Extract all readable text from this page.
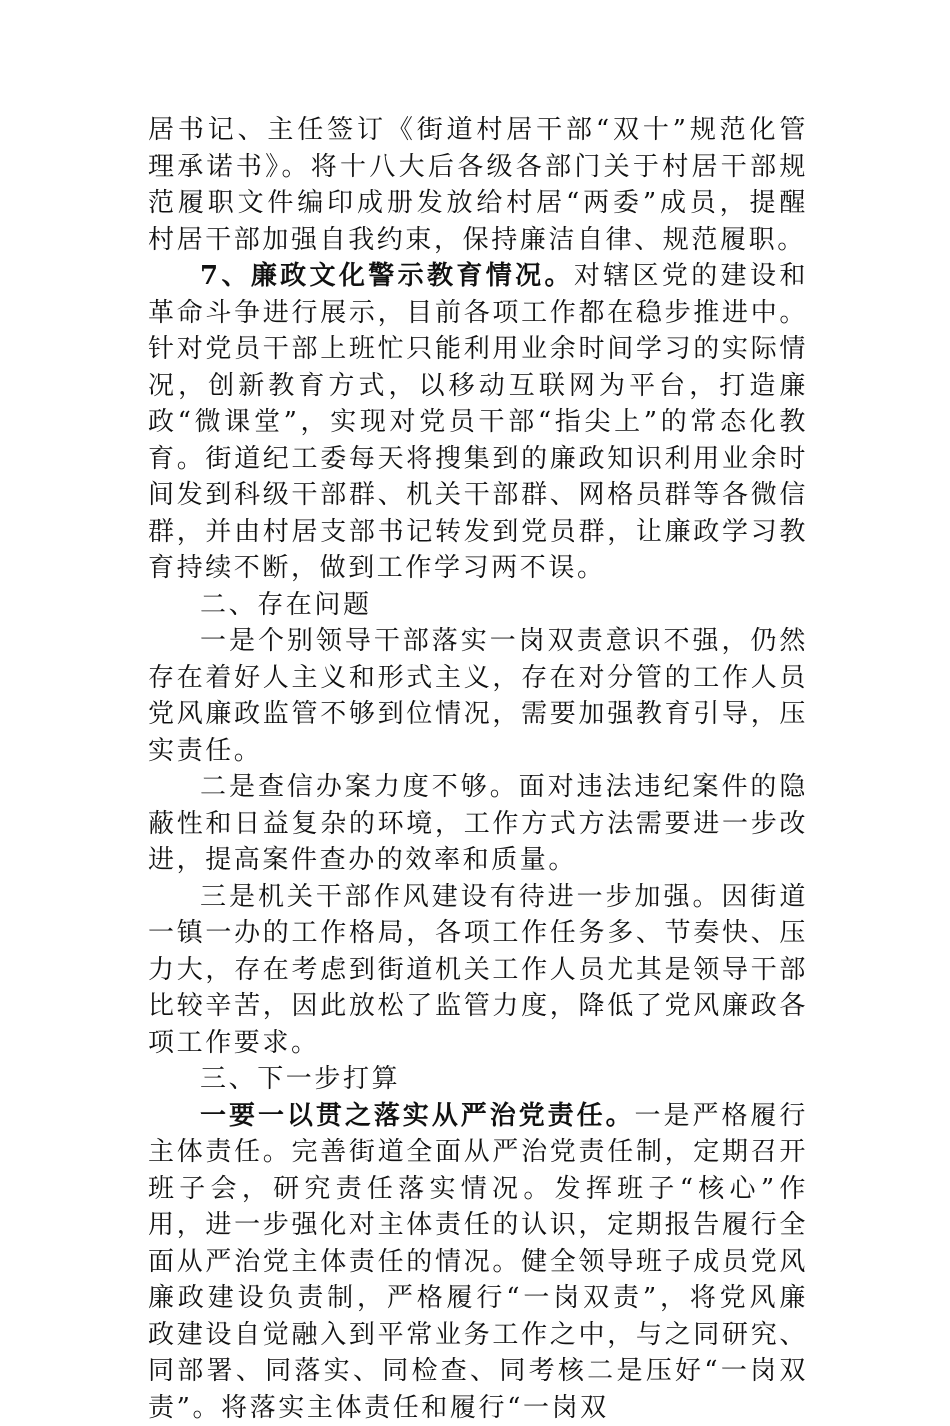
居书记、主任签订《街道村居干部“双十”规范化管理承诺书》。将十八大后各级各部门关于村居干部规范履职文件编印成册发放给村居“两委”成员，提醒村居干部加强自我约束，保持廉洁自律、规范履职。

7、廉政文化警示教育情况。对辖区党的建设和革命斗争进行展示，目前各项工作都在稳步推进中。针对党员干部上班忙只能利用业余时间学习的实际情况，创新教育方式，以移动互联网为平台，打造廉政“微课堂”，实现对党员干部“指尖上”的常态化教育。街道纪工委每天将搜集到的廉政知识利用业余时间发到科级干部群、机关干部群、网格员群等各微信群，并由村居支部书记转发到党员群，让廉政学习教育持续不断，做到工作学习两不误。

二、存在问题

一是个别领导干部落实一岗双责意识不强，仍然存在着好人主义和形式主义，存在对分管的工作人员党风廉政监管不够到位情况，需要加强教育引导，压实责任。

二是查信办案力度不够。面对违法违纪案件的隐蔽性和日益复杂的环境，工作方式方法需要进一步改进，提高案件查办的效率和质量。

三是机关干部作风建设有待进一步加强。因街道一镇一办的工作格局，各项工作任务多、节奏快、压力大，存在考虑到街道机关工作人员尤其是领导干部比较辛苦，因此放松了监管力度，降低了党风廉政各项工作要求。

三、下一步打算

一要一以贯之落实从严治党责任。一是严格履行主体责任。完善街道全面从严治党责任制，定期召开班子会，研究责任落实情况。发挥班子“核心”作用，进一步强化对主体责任的认识，定期报告履行全面从严治党主体责任的情况。健全领导班子成员党风廉政建设负责制，严格履行“一岗双责”，将党风廉政建设自觉融入到平常业务工作之中，与之同研究、同部署、同落实、同检查、同考核二是压好“一岗双责”。将落实主体责任和履行“一岗双
